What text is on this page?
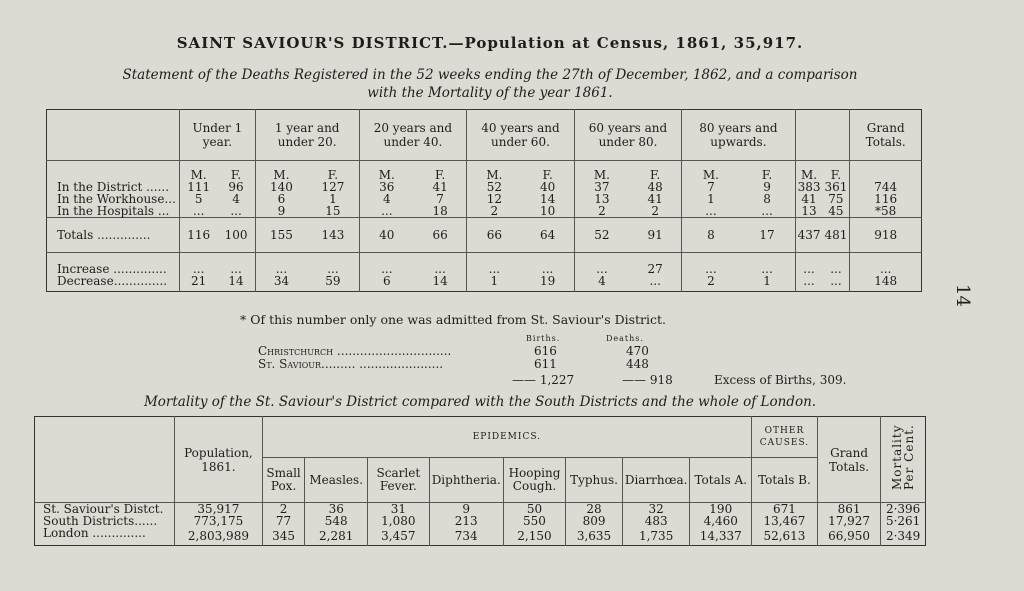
SAINT SAVIOUR'S DISTRICT.—Population at Census, 1861, 35,917.
Statement of the Deaths Registered in the 52 weeks ending the 27th of December, 1862, and a comparison
with the Mortality of the year 1861.
	Under 1 year.		1 year and under 20.		20 years and under 40.		40 years and under 60.		60 years and under 80.		80 years and upwards.				Grand Totals.
	M.	F.	M.	F.	M.	F.	M.	F.	M.	F.	M.	F.	M.	F.	
In the District ......	111	96	140	127	36	41	52	40	37	48	7	9	383	361	744
In the Workhouse...	5	4	6	1	4	7	12	14	13	41	1	8	41	75	116
In the Hospitals ...	...	...	9	15	...	18	2	10	2	2	...	...	13	45	*58
Totals ..............	116	100	155	143	40	66	66	64	52	91	8	17	437	481	918
Increase ..............	...	...	...	...	...	...	...	...	...	27	...	...	...	...	...
Decrease..............	21	14	34	59	6	14	1	19	4	...	2	1	...	...	148
* Of this number only one was admitted from St. Saviour's District.
Births.	Deaths.
Christchurch ..............................	616	470
St. Saviour......... ......................	611	448
—— 1,227	—— 918	Excess of Births, 309.
Mortality of the St. Saviour's District compared with the South Districts and the whole of London.
	Population, 1861.	EPIDEMICS.								OTHER CAUSES.	Grand Totals.	Mortality Per Cent.
		Small Pox.	Measles.	Scarlet Fever.	Diphtheria.	Hooping Cough.	Typhus.	Diarrhœa.	Totals A.	Totals B.		
St. Saviour's Distct.	35,917	2	36	31	9	50	28	32	190	671	861	2·396
South Districts......	773,175	77	548	1,080	213	550	809	483	4,460	13,467	17,927	5·261
London ..............	2,803,989	345	2,281	3,457	734	2,150	3,635	1,735	14,337	52,613	66,950	2·349
14
